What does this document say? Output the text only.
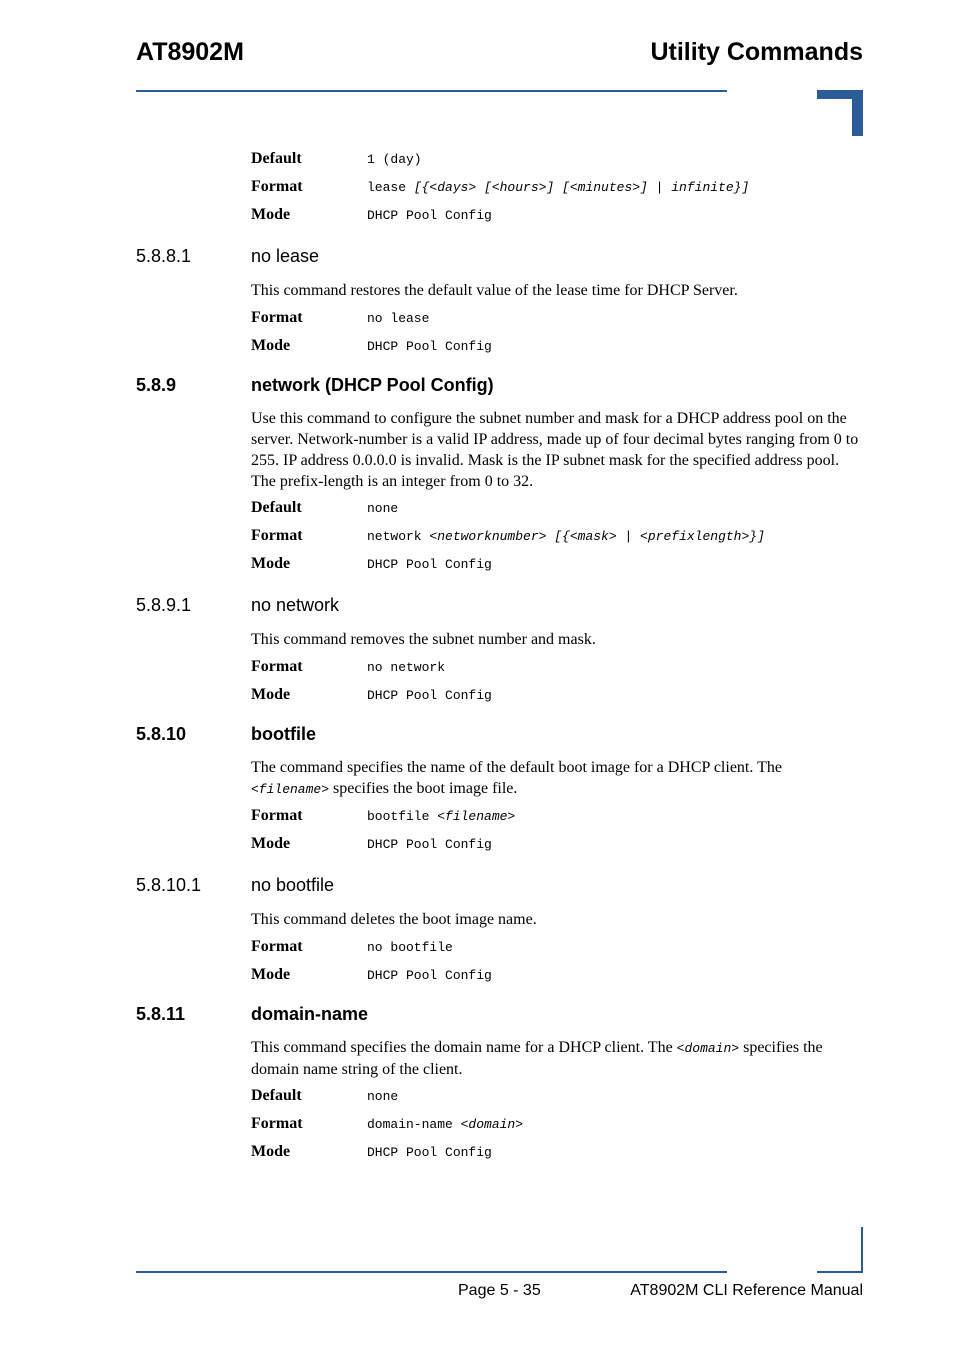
AT8902M	Utility Commands
Default	1 (day)
Format	lease [{<days> [<hours>] [<minutes>] | infinite}]
Mode	DHCP Pool Config
5.8.8.1	no lease
This command restores the default value of the lease time for DHCP Server.
Format	no lease
Mode	DHCP Pool Config
5.8.9	network (DHCP Pool Config)
Use this command to configure the subnet number and mask for a DHCP address pool on the server. Network-number is a valid IP address, made up of four decimal bytes ranging from 0 to 255. IP address 0.0.0.0 is invalid. Mask is the IP subnet mask for the specified address pool. The prefix-length is an integer from 0 to 32.
Default	none
Format	network <networknumber> [{<mask> | <prefixlength>}]
Mode	DHCP Pool Config
5.8.9.1	no network
This command removes the subnet number and mask.
Format	no network
Mode	DHCP Pool Config
5.8.10	bootfile
The command specifies the name of the default boot image for a DHCP client. The <filename> specifies the boot image file.
Format	bootfile <filename>
Mode	DHCP Pool Config
5.8.10.1	no bootfile
This command deletes the boot image name.
Format	no bootfile
Mode	DHCP Pool Config
5.8.11	domain-name
This command specifies the domain name for a DHCP client. The <domain> specifies the domain name string of the client.
Default	none
Format	domain-name <domain>
Mode	DHCP Pool Config
Page 5 - 35	AT8902M CLI Reference Manual
